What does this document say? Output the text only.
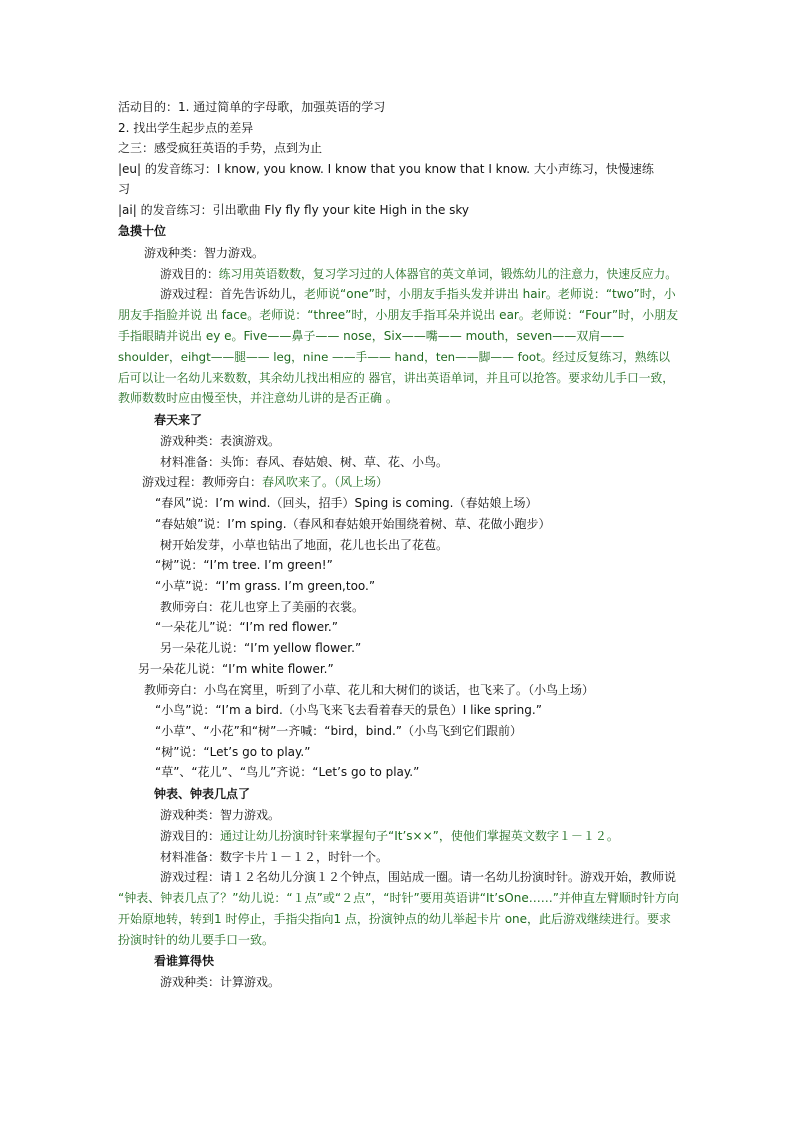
活动目的：1. 通过简单的字母歌，加强英语的学习
2. 找出学生起步点的差异
之三：感受疯狂英语的手势，点到为止
|eu| 的发音练习：I know, you know. I know that you know that I know. 大小声练习，快慢速练
习
|ai| 的发音练习：引出歌曲 Fly fly fly your kite High in the sky
急摸十位
游戏种类：智力游戏。
游戏目的：练习用英语数数，复习学习过的人体器官的英文单词，锻炼幼儿的注意力，快速反应力。
游戏过程：首先告诉幼儿，老师说“one”时，小朋友手指头发并讲出 hair。老师说：“two”时，小
朋友手指脸并说 出 face。老师说：“three”时，小朋友手指耳朵并说出 ear。老师说：“Four”时，小朋友
手指眼睛并说出 ey e。Five——鼻子—— nose，Six——嘴—— mouth，seven——双肩——
shoulder，eihgt——腿—— leg，nine ——手—— hand，ten——脚—— foot。经过反复练习，熟练以
后可以让一名幼儿来数数，其余幼儿找出相应的 器官，讲出英语单词，并且可以抢答。要求幼儿手口一致，
教师数数时应由慢至快，并注意幼儿讲的是否正确 。
春天来了
游戏种类：表演游戏。
材料准备：头饰：春风、春姑娘、树、草、花、小鸟。
游戏过程：教师旁白：春风吹来了。（风上场）
“春风”说：I’m wind.（回头，招手）Sping is coming.（春姑娘上场）
“春姑娘”说：I’m sping.（春风和春姑娘开始围绕着树、草、花做小跑步）
树开始发芽，小草也钻出了地面，花儿也长出了花苞。
“树”说：“I’m tree. I’m green!”
“小草”说：“I’m grass. I’m green,too.”
教师旁白：花儿也穿上了美丽的衣裳。
“一朵花儿”说：“I’m red flower.”
另一朵花儿说：“I’m yellow flower.”
另一朵花儿说：“I’m white flower.”
教师旁白：小鸟在窝里，听到了小草、花儿和大树们的谈话，也飞来了。（小鸟上场）
“小鸟”说：“I’m a bird.（小鸟飞来飞去看着春天的景色）I like spring.”
“小草”、“小花”和“树”一齐喊：“bird，bind.”（小鸟飞到它们跟前）
“树”说：“Let’s go to play.”
“草”、“花儿”、“鸟儿”齐说：“Let’s go to play.”
钟表、钟表几点了
游戏种类：智力游戏。
游戏目的：通过让幼儿扮演时针来掌握句子“It’s××”，使他们掌握英文数字１－１２。
材料准备：数字卡片１－１２，时针一个。
游戏过程：请１２名幼儿分演１２个钟点，围站成一圈。请一名幼儿扮演时针。游戏开始，教师说
“钟表、钟表几点了？”幼儿说：“１点”或“２点”，“时针”要用英语讲“It’sOne……”并伸直左臂顺时针方向
开始原地转，转到1 时停止，手指尖指向1 点，扮演钟点的幼儿举起卡片 one，此后游戏继续进行。要求
扮演时针的幼儿要手口一致。
看谁算得快
游戏种类：计算游戏。
